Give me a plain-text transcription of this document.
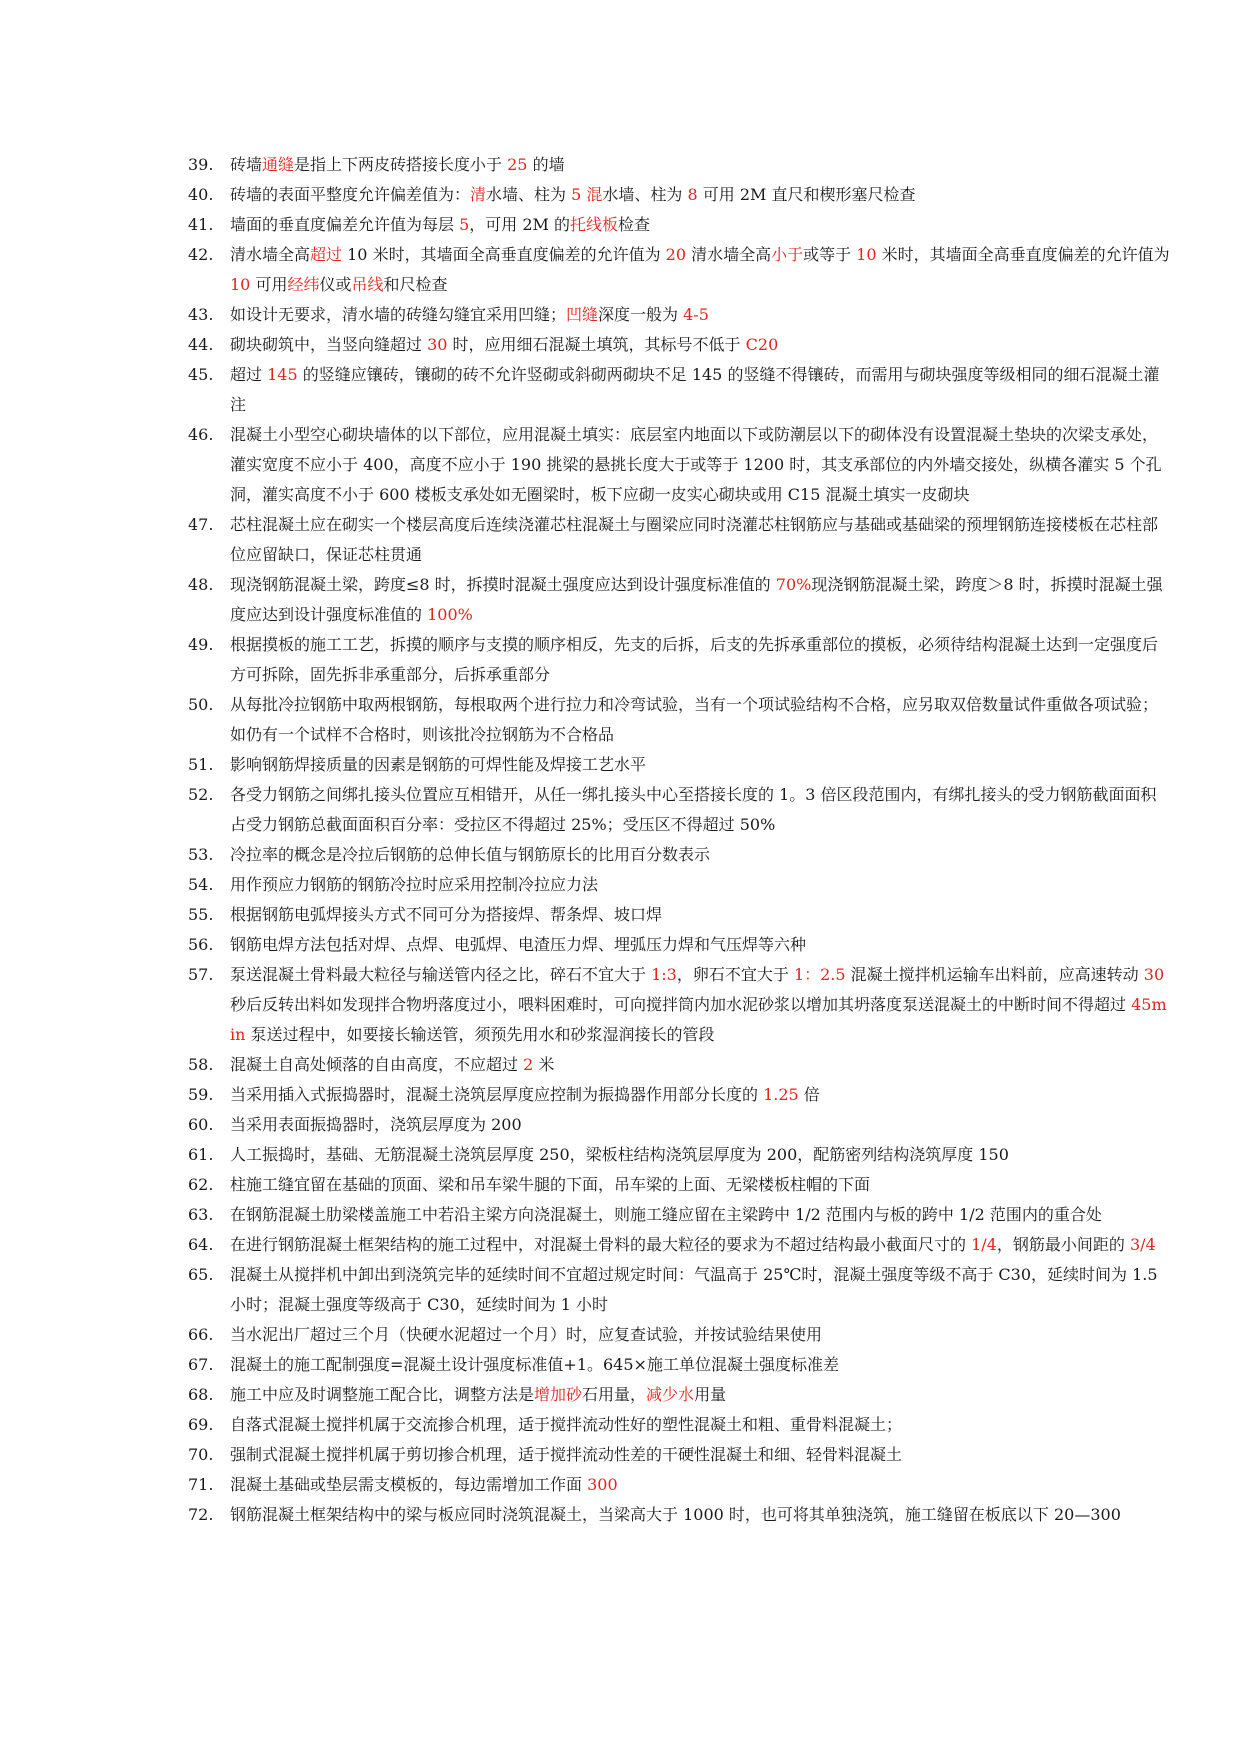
39.	砖墙通缝是指上下两皮砖搭接长度小于 25 的墙
40.	砖墙的表面平整度允许偏差值为：清水墙、柱为 5 混水墙、柱为 8 可用 2M 直尺和楔形塞尺检查
41.	墙面的垂直度偏差允许值为每层 5，可用 2M 的托线板检查
42.	清水墙全高超过 10 米时，其墙面全高垂直度偏差的允许值为 20 清水墙全高小于或等于 10 米时，其墙面全高垂直度偏差的允许值为 10 可用经纬仪或吊线和尺检查
43.	如设计无要求，清水墙的砖缝勾缝宜采用凹缝；凹缝深度一般为 4-5
44.	砌块砌筑中，当竖向缝超过 30 时，应用细石混凝土填筑，其标号不低于 C20
45.	超过 145 的竖缝应镶砖，镶砌的砖不允许竖砌或斜砌两砌块不足 145 的竖缝不得镶砖，而需用与砌块强度等级相同的细石混凝土灌注
46.	混凝土小型空心砌块墙体的以下部位，应用混凝土填实：底层室内地面以下或防潮层以下的砌体没有设置混凝土垫块的次梁支承处，灌实宽度不应小于 400，高度不应小于 190 挑梁的悬挑长度大于或等于 1200 时，其支承部位的内外墙交接处，纵横各灌实 5 个孔洞，灌实高度不小于 600 楼板支承处如无圈梁时，板下应砌一皮实心砌块或用 C15 混凝土填实一皮砌块
47.	芯柱混凝土应在砌实一个楼层高度后连续浇灌芯柱混凝土与圈梁应同时浇灌芯柱钢筋应与基础或基础梁的预埋钢筋连接楼板在芯柱部位应留缺口，保证芯柱贯通
48.	现浇钢筋混凝土梁，跨度≤8 时，拆摸时混凝土强度应达到设计强度标准值的 70%现浇钢筋混凝土梁，跨度＞8 时，拆摸时混凝土强度应达到设计强度标准值的 100%
49.	根据摸板的施工工艺，拆摸的顺序与支摸的顺序相反，先支的后拆，后支的先拆承重部位的摸板，必须待结构混凝土达到一定强度后方可拆除，固先拆非承重部分，后拆承重部分
50.	从每批冷拉钢筋中取两根钢筋，每根取两个进行拉力和冷弯试验，当有一个项试验结构不合格，应另取双倍数量试件重做各项试验；如仍有一个试样不合格时，则该批冷拉钢筋为不合格品
51.	影响钢筋焊接质量的因素是钢筋的可焊性能及焊接工艺水平
52.	各受力钢筋之间绑扎接头位置应互相错开，从任一绑扎接头中心至搭接长度的 1。3 倍区段范围内，有绑扎接头的受力钢筋截面面积占受力钢筋总截面面积百分率：受拉区不得超过 25%；受压区不得超过 50%
53.	冷拉率的概念是冷拉后钢筋的总伸长值与钢筋原长的比用百分数表示
54.	用作预应力钢筋的钢筋冷拉时应采用控制冷拉应力法
55.	根据钢筋电弧焊接头方式不同可分为搭接焊、帮条焊、坡口焊
56.	钢筋电焊方法包括对焊、点焊、电弧焊、电渣压力焊、埋弧压力焊和气压焊等六种
57.	泵送混凝土骨料最大粒径与输送管内径之比，碎石不宜大于 1:3，卵石不宜大于 1：2.5 混凝土搅拌机运输车出料前，应高速转动 30 秒后反转出料如发现拌合物坍落度过小，喂料困难时，可向搅拌筒内加水泥砂浆以增加其坍落度泵送混凝土的中断时间不得超过 45min 泵送过程中，如要接长输送管，须预先用水和砂浆湿润接长的管段
58.	混凝土自高处倾落的自由高度，不应超过 2 米
59.	当采用插入式振捣器时，混凝土浇筑层厚度应控制为振捣器作用部分长度的 1.25 倍
60.	当采用表面振捣器时，浇筑层厚度为 200
61.	人工振捣时，基础、无筋混凝土浇筑层厚度 250，梁板柱结构浇筑层厚度为 200，配筋密列结构浇筑厚度 150
62.	柱施工缝宜留在基础的顶面、梁和吊车梁牛腿的下面，吊车梁的上面、无梁楼板柱帽的下面
63.	在钢筋混凝土肋梁楼盖施工中若沿主梁方向浇混凝土，则施工缝应留在主梁跨中 1/2 范围内与板的跨中 1/2 范围内的重合处
64.	在进行钢筋混凝土框架结构的施工过程中，对混凝土骨料的最大粒径的要求为不超过结构最小截面尺寸的 1/4，钢筋最小间距的 3/4
65.	混凝土从搅拌机中卸出到浇筑完毕的延续时间不宜超过规定时间：气温高于 25℃时，混凝土强度等级不高于 C30，延续时间为 1.5 小时；混凝土强度等级高于 C30，延续时间为 1 小时
66.	当水泥出厂超过三个月（快硬水泥超过一个月）时，应复查试验，并按试验结果使用
67.	混凝土的施工配制强度=混凝土设计强度标准值+1。645×施工单位混凝土强度标准差
68.	施工中应及时调整施工配合比，调整方法是增加砂石用量，减少水用量
69.	自落式混凝土搅拌机属于交流掺合机理，适于搅拌流动性好的塑性混凝土和粗、重骨料混凝土；
70.	强制式混凝土搅拌机属于剪切掺合机理，适于搅拌流动性差的干硬性混凝土和细、轻骨料混凝土
71.	混凝土基础或垫层需支模板的，每边需增加工作面 300
72.	钢筋混凝土框架结构中的梁与板应同时浇筑混凝土，当梁高大于 1000 时，也可将其单独浇筑，施工缝留在板底以下 20—300
